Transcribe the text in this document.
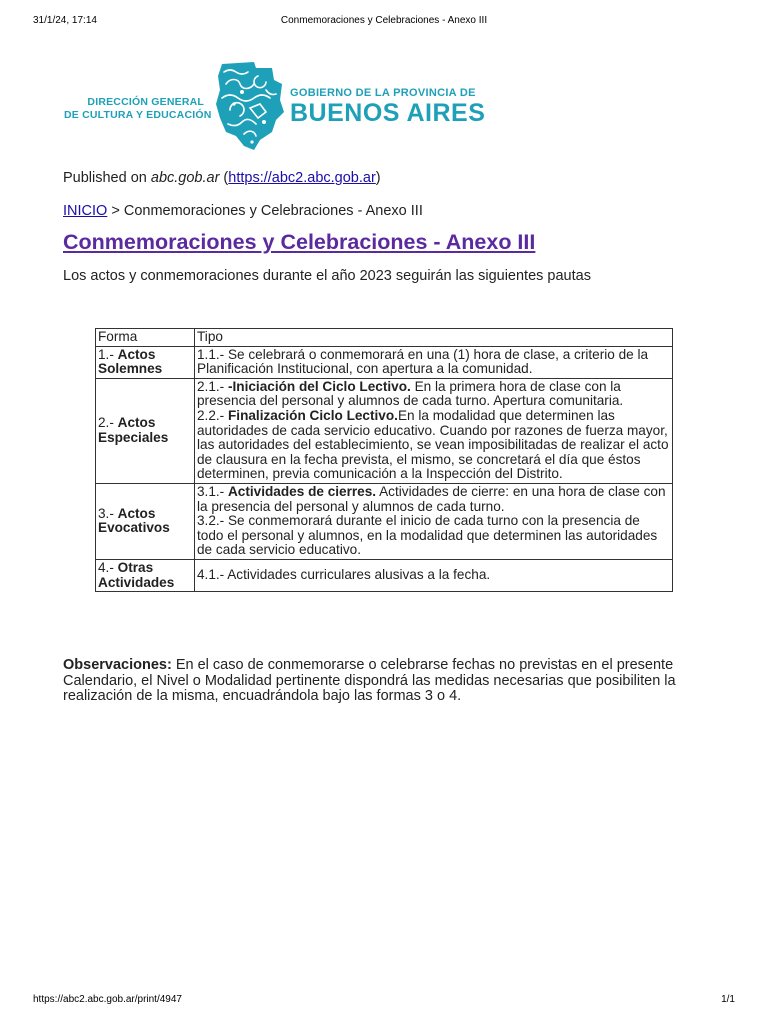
31/1/24, 17:14	Conmemoraciones y Celebraciones - Anexo III
DIRECCIÓN GENERAL
DE CULTURA Y EDUCACIÓN
GOBIERNO DE LA PROVINCIA DE
BUENOS AIRES
Published on abc.gob.ar (https://abc2.abc.gob.ar)
INICIO > Conmemoraciones y Celebraciones - Anexo III
Conmemoraciones y Celebraciones - Anexo III
Los actos y conmemoraciones durante el año 2023 seguirán las siguientes pautas
Forma	Tipo
1.- Actos
Solemnes	1.1.- Se celebrará o conmemorará en una (1) hora de clase, a criterio de la Planificación Institucional, con apertura a la comunidad.
2.- Actos
Especiales	2.1.- -Iniciación del Ciclo Lectivo. En la primera hora de clase con la presencia del personal y alumnos de cada turno. Apertura comunitaria.
2.2.- Finalización Ciclo Lectivo.En la modalidad que determinen las autoridades de cada servicio educativo. Cuando por razones de fuerza mayor, las autoridades del establecimiento, se vean imposibilitadas de realizar el acto de clausura en la fecha prevista, el mismo, se concretará el día que éstos determinen, previa comunicación a la Inspección del Distrito.
3.- Actos
Evocativos	3.1.- Actividades de cierres. Actividades de cierre: en una hora de clase con la presencia del personal y alumnos de cada turno.
3.2.- Se conmemorará durante el inicio de cada turno con la presencia de todo el personal y alumnos, en la modalidad que determinen las autoridades de cada servicio educativo.
4.- Otras
Actividades	4.1.- Actividades curriculares alusivas a la fecha.
Observaciones: En el caso de conmemorarse o celebrarse fechas no previstas en el presente Calendario, el Nivel o Modalidad pertinente dispondrá las medidas necesarias que posibiliten la realización de la misma, encuadrándola bajo las formas 3 o 4.
https://abc2.abc.gob.ar/print/4947	1/1
